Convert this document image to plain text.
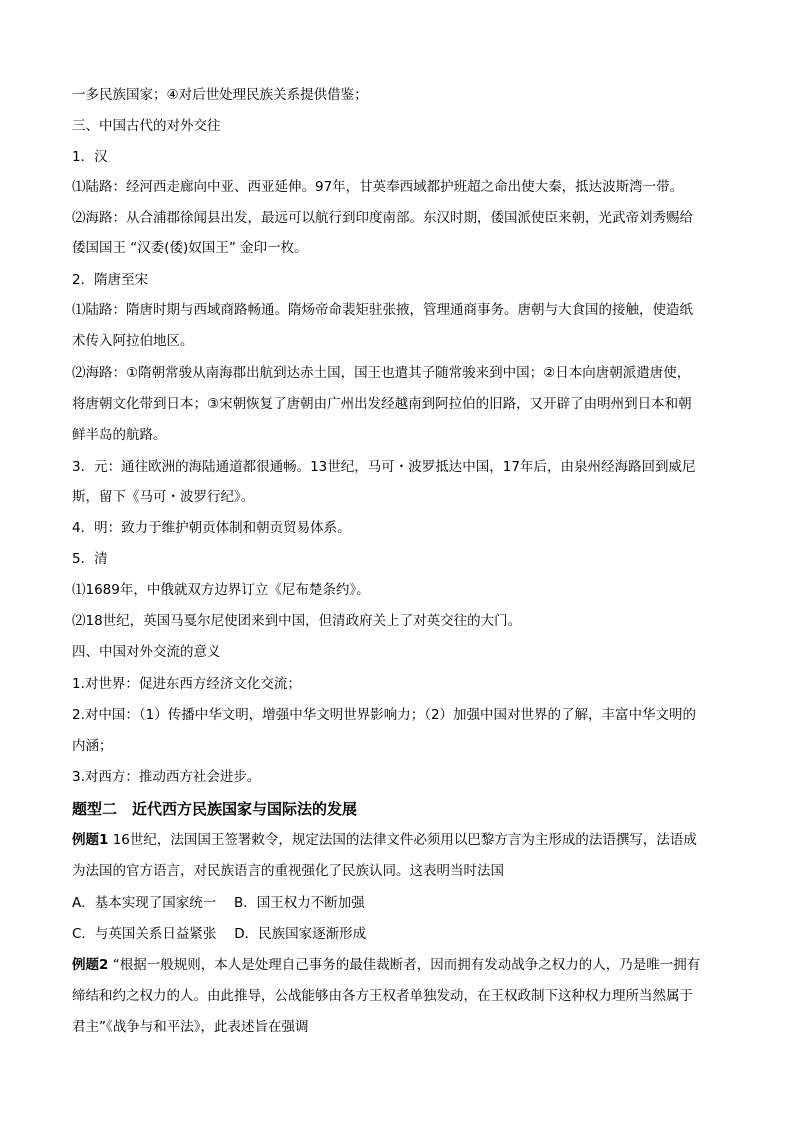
一多民族国家；④对后世处理民族关系提供借鉴；
三、中国古代的对外交往
1．汉
⑴陆路：经河西走廊向中亚、西亚延伸。97年，甘英奉西域都护班超之命出使大秦，抵达波斯湾一带。
⑵海路：从合浦郡徐闻县出发，最远可以航行到印度南部。东汉时期，倭国派使臣来朝，光武帝刘秀赐给
倭国国王 “汉委(倭)奴国王” 金印一枚。
2．隋唐至宋
⑴陆路：隋唐时期与西域商路畅通。隋炀帝命裴矩驻张掖，管理通商事务。唐朝与大食国的接触，使造纸
术传入阿拉伯地区。
⑵海路：①隋朝常骏从南海郡出航到达赤土国，国王也遣其子随常骏来到中国；②日本向唐朝派遣唐使，
将唐朝文化带到日本；③宋朝恢复了唐朝由广州出发经越南到阿拉伯的旧路，又开辟了由明州到日本和朝
鲜半岛的航路。
3．元：通往欧洲的海陆通道都很通畅。13世纪，马可・波罗抵达中国，17年后，由泉州经海路回到威尼
斯，留下《马可・波罗行纪》。
4．明：致力于维护朝贡体制和朝贡贸易体系。
5．清
⑴1689年，中俄就双方边界订立《尼布楚条约》。
⑵18世纪，英国马戛尔尼使团来到中国，但清政府关上了对英交往的大门。
四、中国对外交流的意义
1.对世界：促进东西方经济文化交流；
2.对中国：（1）传播中华文明，增强中华文明世界影响力；（2）加强中国对世界的了解，丰富中华文明的
内涵；
3.对西方：推动西方社会进步。
题型二　近代西方民族国家与国际法的发展
例题1 16世纪，法国国王签署敕令，规定法国的法律文件必须用以巴黎方言为主形成的法语撰写，法语成
为法国的官方语言，对民族语言的重视强化了民族认同。这表明当时法国
A．基本实现了国家统一　 B．国王权力不断加强
C．与英国关系日益紧张　 D．民族国家逐渐形成
例题2 “根据一般规则，本人是处理自己事务的最佳裁断者，因而拥有发动战争之权力的人，乃是唯一拥有
缔结和约之权力的人。由此推导，公战能够由各方王权者单独发动，在王权政制下这种权力理所当然属于
君主”《战争与和平法》，此表述旨在强调
